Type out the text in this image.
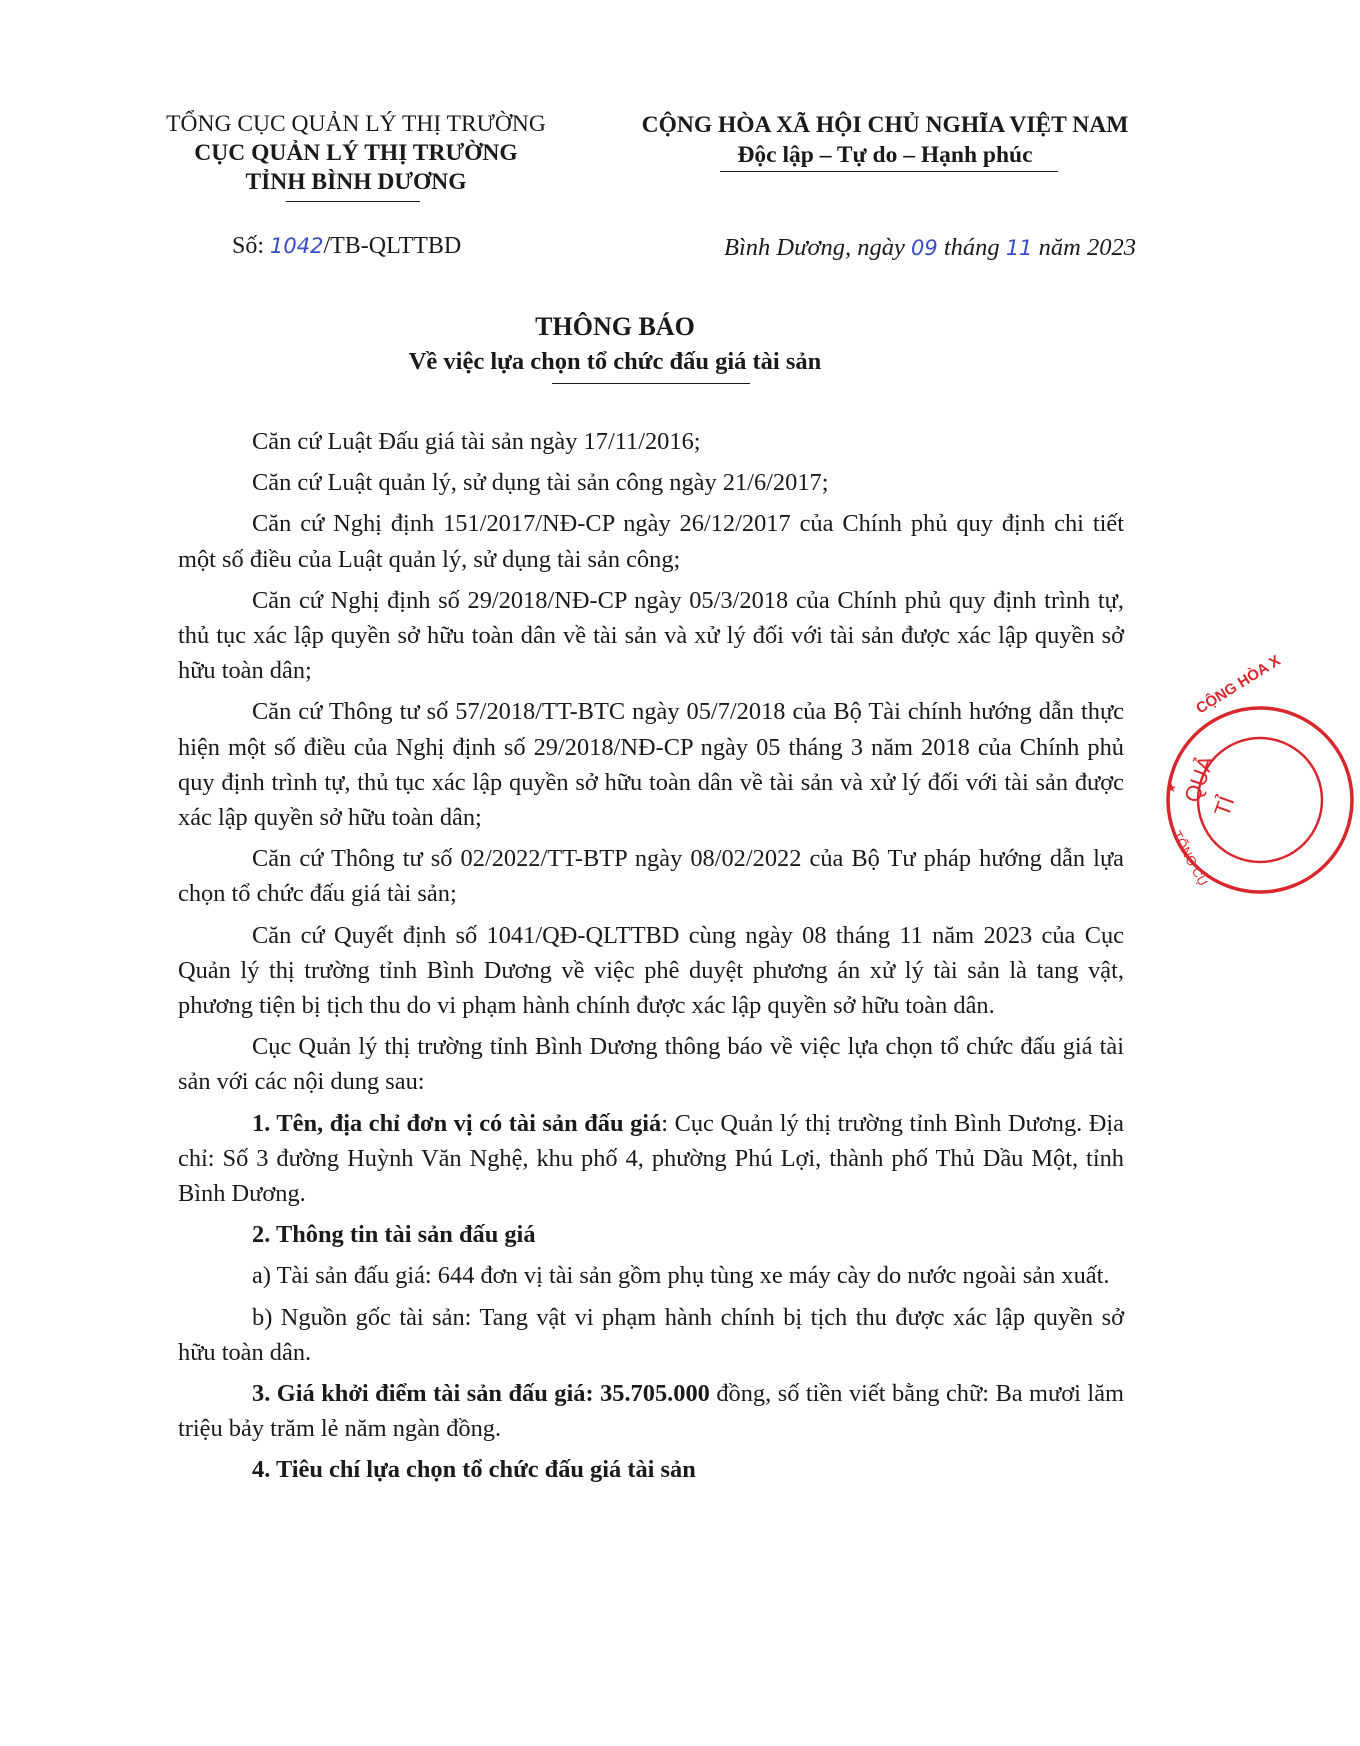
TỔNG CỤC QUẢN LÝ THỊ TRƯỜNG
CỤC QUẢN LÝ THỊ TRƯỜNG
TỈNH BÌNH DƯƠNG
CỘNG HÒA XÃ HỘI CHỦ NGHĨA VIỆT NAM
Độc lập – Tự do – Hạnh phúc
Số: 1042/TB-QLTTBD	Bình Dương, ngày 09 tháng 11 năm 2023
THÔNG BÁO
Về việc lựa chọn tổ chức đấu giá tài sản

Căn cứ Luật Đấu giá tài sản ngày 17/11/2016;

Căn cứ Luật quản lý, sử dụng tài sản công ngày 21/6/2017;

Căn cứ Nghị định 151/2017/NĐ-CP ngày 26/12/2017 của Chính phủ quy định chi tiết một số điều của Luật quản lý, sử dụng tài sản công;

Căn cứ Nghị định số 29/2018/NĐ-CP ngày 05/3/2018 của Chính phủ quy định trình tự, thủ tục xác lập quyền sở hữu toàn dân về tài sản và xử lý đối với tài sản được xác lập quyền sở hữu toàn dân;

Căn cứ Thông tư số 57/2018/TT-BTC ngày 05/7/2018 của Bộ Tài chính hướng dẫn thực hiện một số điều của Nghị định số 29/2018/NĐ-CP ngày 05 tháng 3 năm 2018 của Chính phủ quy định trình tự, thủ tục xác lập quyền sở hữu toàn dân về tài sản và xử lý đối với tài sản được xác lập quyền sở hữu toàn dân;

Căn cứ Thông tư số 02/2022/TT-BTP ngày 08/02/2022 của Bộ Tư pháp hướng dẫn lựa chọn tổ chức đấu giá tài sản;

Căn cứ Quyết định số 1041/QĐ-QLTTBD cùng ngày 08 tháng 11 năm 2023 của Cục Quản lý thị trường tỉnh Bình Dương về việc phê duyệt phương án xử lý tài sản là tang vật, phương tiện bị tịch thu do vi phạm hành chính được xác lập quyền sở hữu toàn dân.

Cục Quản lý thị trường tỉnh Bình Dương thông báo về việc lựa chọn tổ chức đấu giá tài sản với các nội dung sau:

1. Tên, địa chỉ đơn vị có tài sản đấu giá: Cục Quản lý thị trường tỉnh Bình Dương. Địa chỉ: Số 3 đường Huỳnh Văn Nghệ, khu phố 4, phường Phú Lợi, thành phố Thủ Dầu Một, tỉnh Bình Dương.

2. Thông tin tài sản đấu giá

a) Tài sản đấu giá: 644 đơn vị tài sản gồm phụ tùng xe máy cày do nước ngoài sản xuất.

b) Nguồn gốc tài sản: Tang vật vi phạm hành chính bị tịch thu được xác lập quyền sở hữu toàn dân.

3. Giá khởi điểm tài sản đấu giá: 35.705.000 đồng, số tiền viết bằng chữ: Ba mươi lăm triệu bảy trăm lẻ năm ngàn đồng.

4. Tiêu chí lựa chọn tổ chức đấu giá tài sản

CỘNG HÒA X
QUẢ
TỈ
TỔNG CỤ
★
